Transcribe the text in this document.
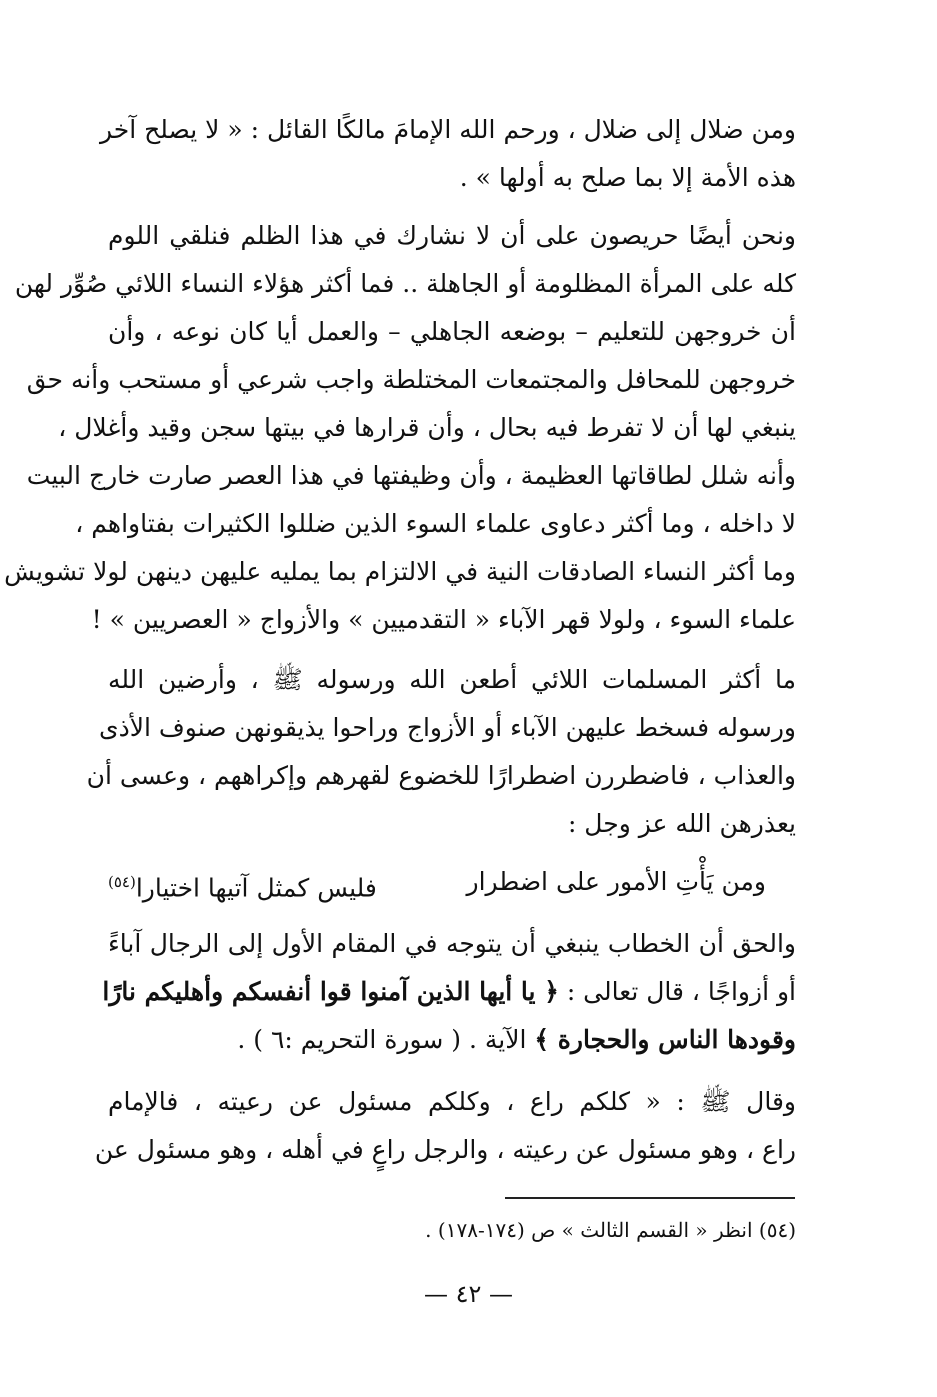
ومن ضلال إلى ضلال ، ورحم الله الإمامَ مالكًا القائل : « لا يصلح آخر
هذه الأمة إلا بما صلح به أولها » .
ونحن أيضًا حريصون على أن لا نشارك في هذا الظلم فنلقي اللوم
كله على المرأة المظلومة أو الجاهلة .. فما أكثر هؤلاء النساء اللائي صُوِّر لهن
أن خروجهن للتعليم – بوضعه الجاهلي – والعمل أيا كان نوعه ، وأن
خروجهن للمحافل والمجتمعات المختلطة واجب شرعي أو مستحب وأنه حق
ينبغي لها أن لا تفرط فيه بحال ، وأن قرارها في بيتها سجن وقيد وأغلال ،
وأنه شلل لطاقاتها العظيمة ، وأن وظيفتها في هذا العصر صارت خارج البيت
لا داخله ، وما أكثر دعاوى علماء السوء الذين ضللوا الكثيرات بفتاواهم ،
وما أكثر النساء الصادقات النية في الالتزام بما يمليه عليهن دينهن لولا تشويش
علماء السوء ، ولولا قهر الآباء « التقدميين » والأزواج « العصريين » !
ما أكثر المسلمات اللائي أطعن الله ورسوله ﷺ ، وأرضين الله
ورسوله فسخط عليهن الآباء أو الأزواج وراحوا يذيقونهن صنوف الأذى
والعذاب ، فاضطررن اضطرارًا للخضوع لقهرهم وإكراههم ، وعسى أن
يعذرهن الله عز وجل :
ومن يَأْتِ الأمور على اضطرار
فليس كمثل آتيها اختيارا$^{(٥٤)}$
والحق أن الخطاب ينبغي أن يتوجه في المقام الأول إلى الرجال آباءً
أو أزواجًا ، قال تعالى : ﴿ يا أيها الذين آمنوا قوا أنفسكم وأهليكم نارًا
وقودها الناس والحجارة ﴾ الآية . ( سورة التحريم :٦ ) .
وقال ﷺ : « كلكم راع ، وكلكم مسئول عن رعيته ، فالإمام
راع ، وهو مسئول عن رعيته ، والرجل راعٍ في أهله ، وهو مسئول عن
(٥٤) انظر « القسم الثالث » ص (١٧٤-١٧٨) .
— ٤٢ —
